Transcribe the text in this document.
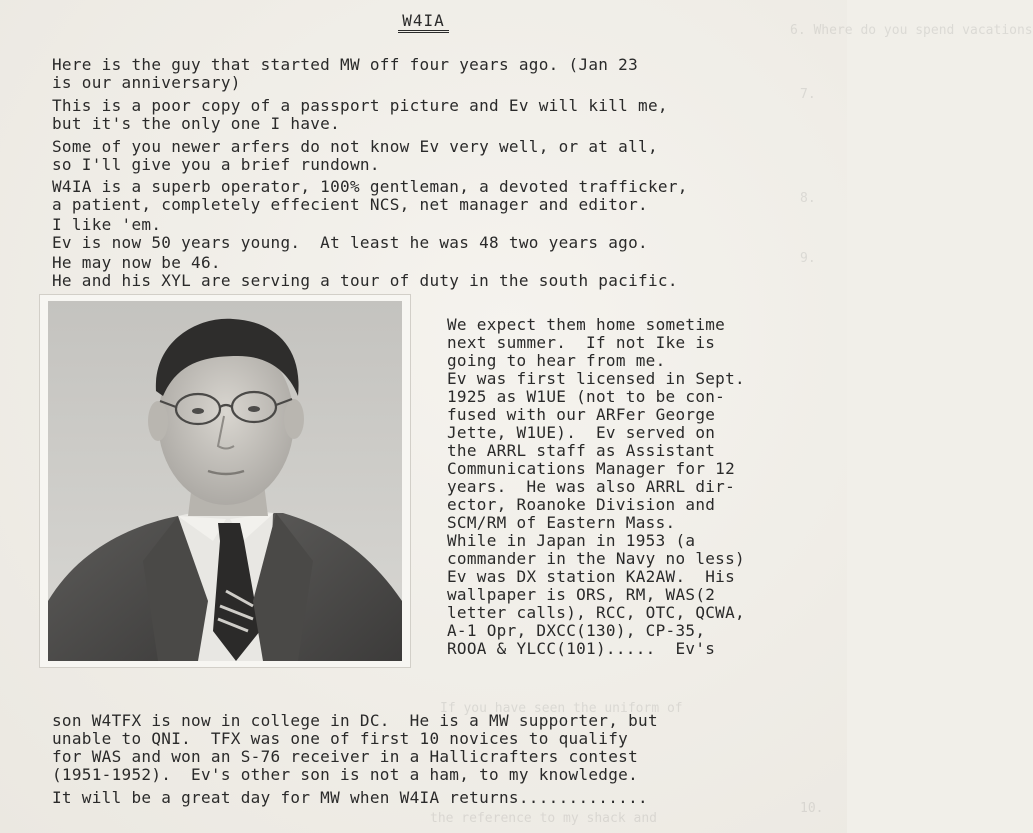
6. Where do you spend vacations
7.
8.
9.
10.
If you have seen the uniform of
the reference to my shack and
W4IA
Here is the guy that started MW off four years ago. (Jan 23
is our anniversary)
This is a poor copy of a passport picture and Ev will kill me,
but it's the only one I have.
Some of you newer arfers do not know Ev very well, or at all,
so I'll give you a brief rundown.
W4IA is a superb operator, 100% gentleman, a devoted trafficker,
a patient, completely effecient NCS, net manager and editor.
I like 'em.
Ev is now 50 years young.  At least he was 48 two years ago.
He may now be 46.
He and his XYL are serving a tour of duty in the south pacific.
We expect them home sometime
next summer.  If not Ike is
going to hear from me.
Ev was first licensed in Sept.
1925 as W1UE (not to be con-
fused with our ARFer George
Jette, W1UE).  Ev served on
the ARRL staff as Assistant
Communications Manager for 12
years.  He was also ARRL dir-
ector, Roanoke Division and
SCM/RM of Eastern Mass.
While in Japan in 1953 (a
commander in the Navy no less)
Ev was DX station KA2AW.  His
wallpaper is ORS, RM, WAS(2
letter calls), RCC, OTC, QCWA,
A-1 Opr, DXCC(130), CP-35,
ROOA & YLCC(101).....  Ev's
son W4TFX is now in college in DC.  He is a MW supporter, but
unable to QNI.  TFX was one of first 10 novices to qualify
for WAS and won an S-76 receiver in a Hallicrafters contest
(1951-1952).  Ev's other son is not a ham, to my knowledge.
It will be a great day for MW when W4IA returns.............
